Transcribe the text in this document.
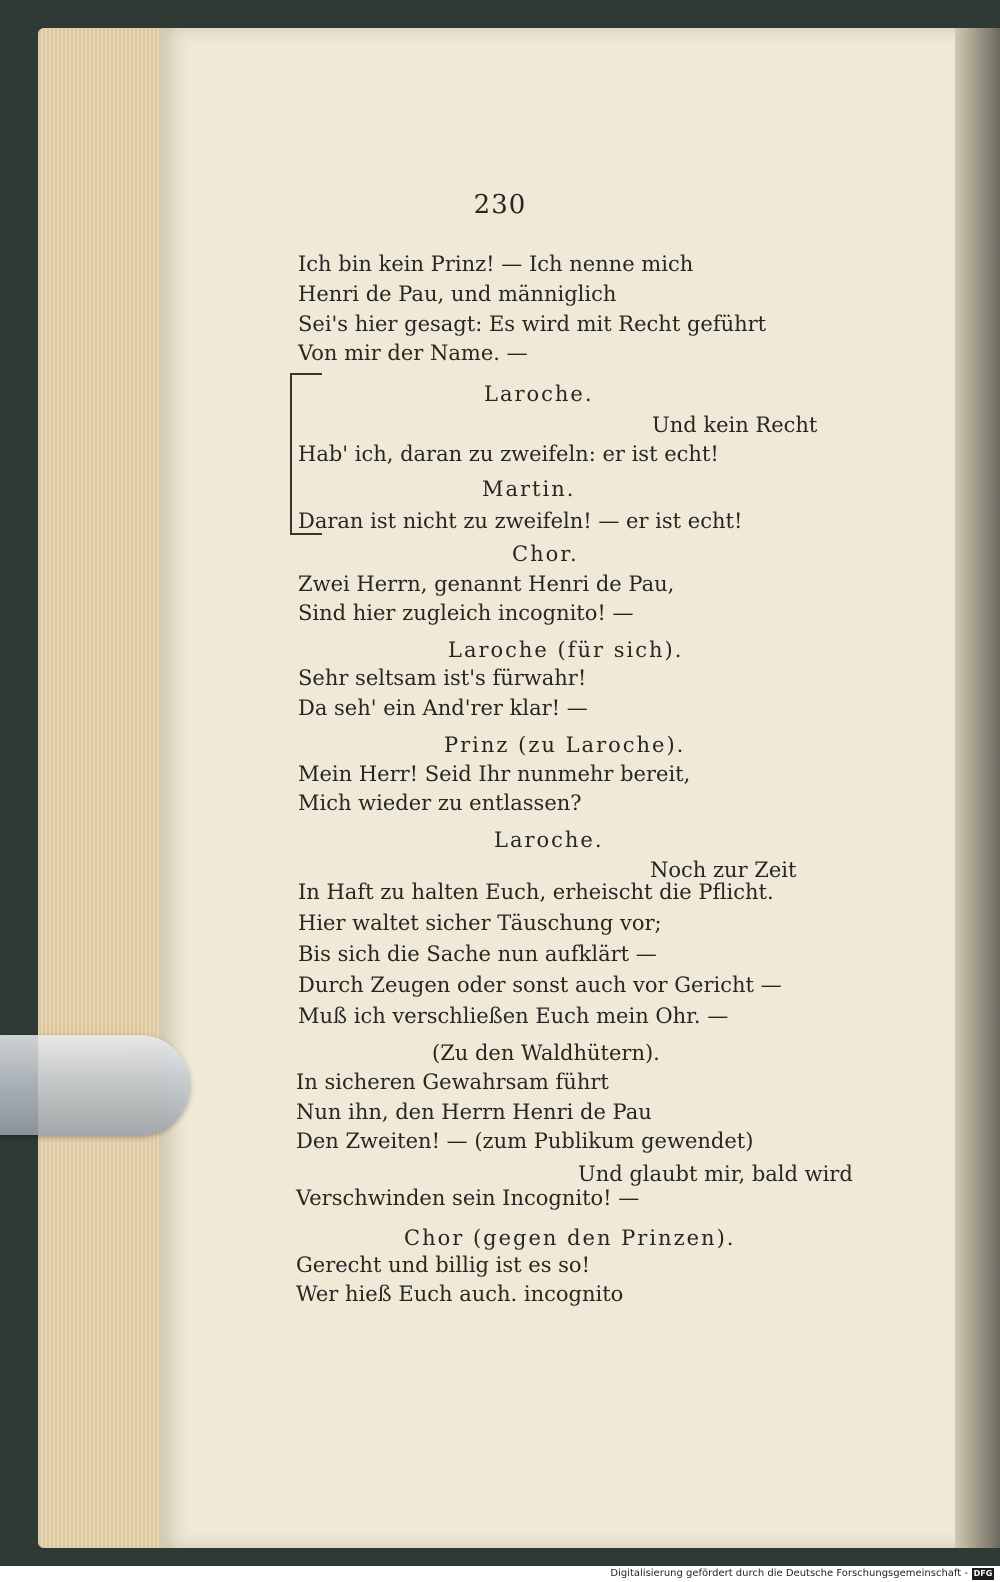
230
Ich bin kein Prinz! — Ich nenne mich
Henri de Pau, und männiglich
Sei's hier gesagt: Es wird mit Recht geführt
Von mir der Name. —
Laroche.
Und kein Recht
Hab' ich, daran zu zweifeln: er ist echt!
Martin.
Daran ist nicht zu zweifeln! — er ist echt!
Chor.
Zwei Herrn, genannt Henri de Pau,
Sind hier zugleich incognito! —
Laroche (für sich).
Sehr seltsam ist's fürwahr!
Da seh' ein And'rer klar! —
Prinz (zu Laroche).
Mein Herr! Seid Ihr nunmehr bereit,
Mich wieder zu entlassen?
Laroche.
Noch zur Zeit
In Haft zu halten Euch, erheischt die Pflicht.
Hier waltet sicher Täuschung vor;
Bis sich die Sache nun aufklärt —
Durch Zeugen oder sonst auch vor Gericht —
Muß ich verschließen Euch mein Ohr. —
(Zu den Waldhütern).
In sicheren Gewahrsam führt
Nun ihn, den Herrn Henri de Pau
Den Zweiten! — (zum Publikum gewendet)
Und glaubt mir, bald wird
Verschwinden sein Incognito! —
Chor (gegen den Prinzen).
Gerecht und billig ist es so!
Wer hieß Euch auch. incognito
Digitalisierung gefördert durch die Deutsche Forschungsgemeinschaft - DFG
